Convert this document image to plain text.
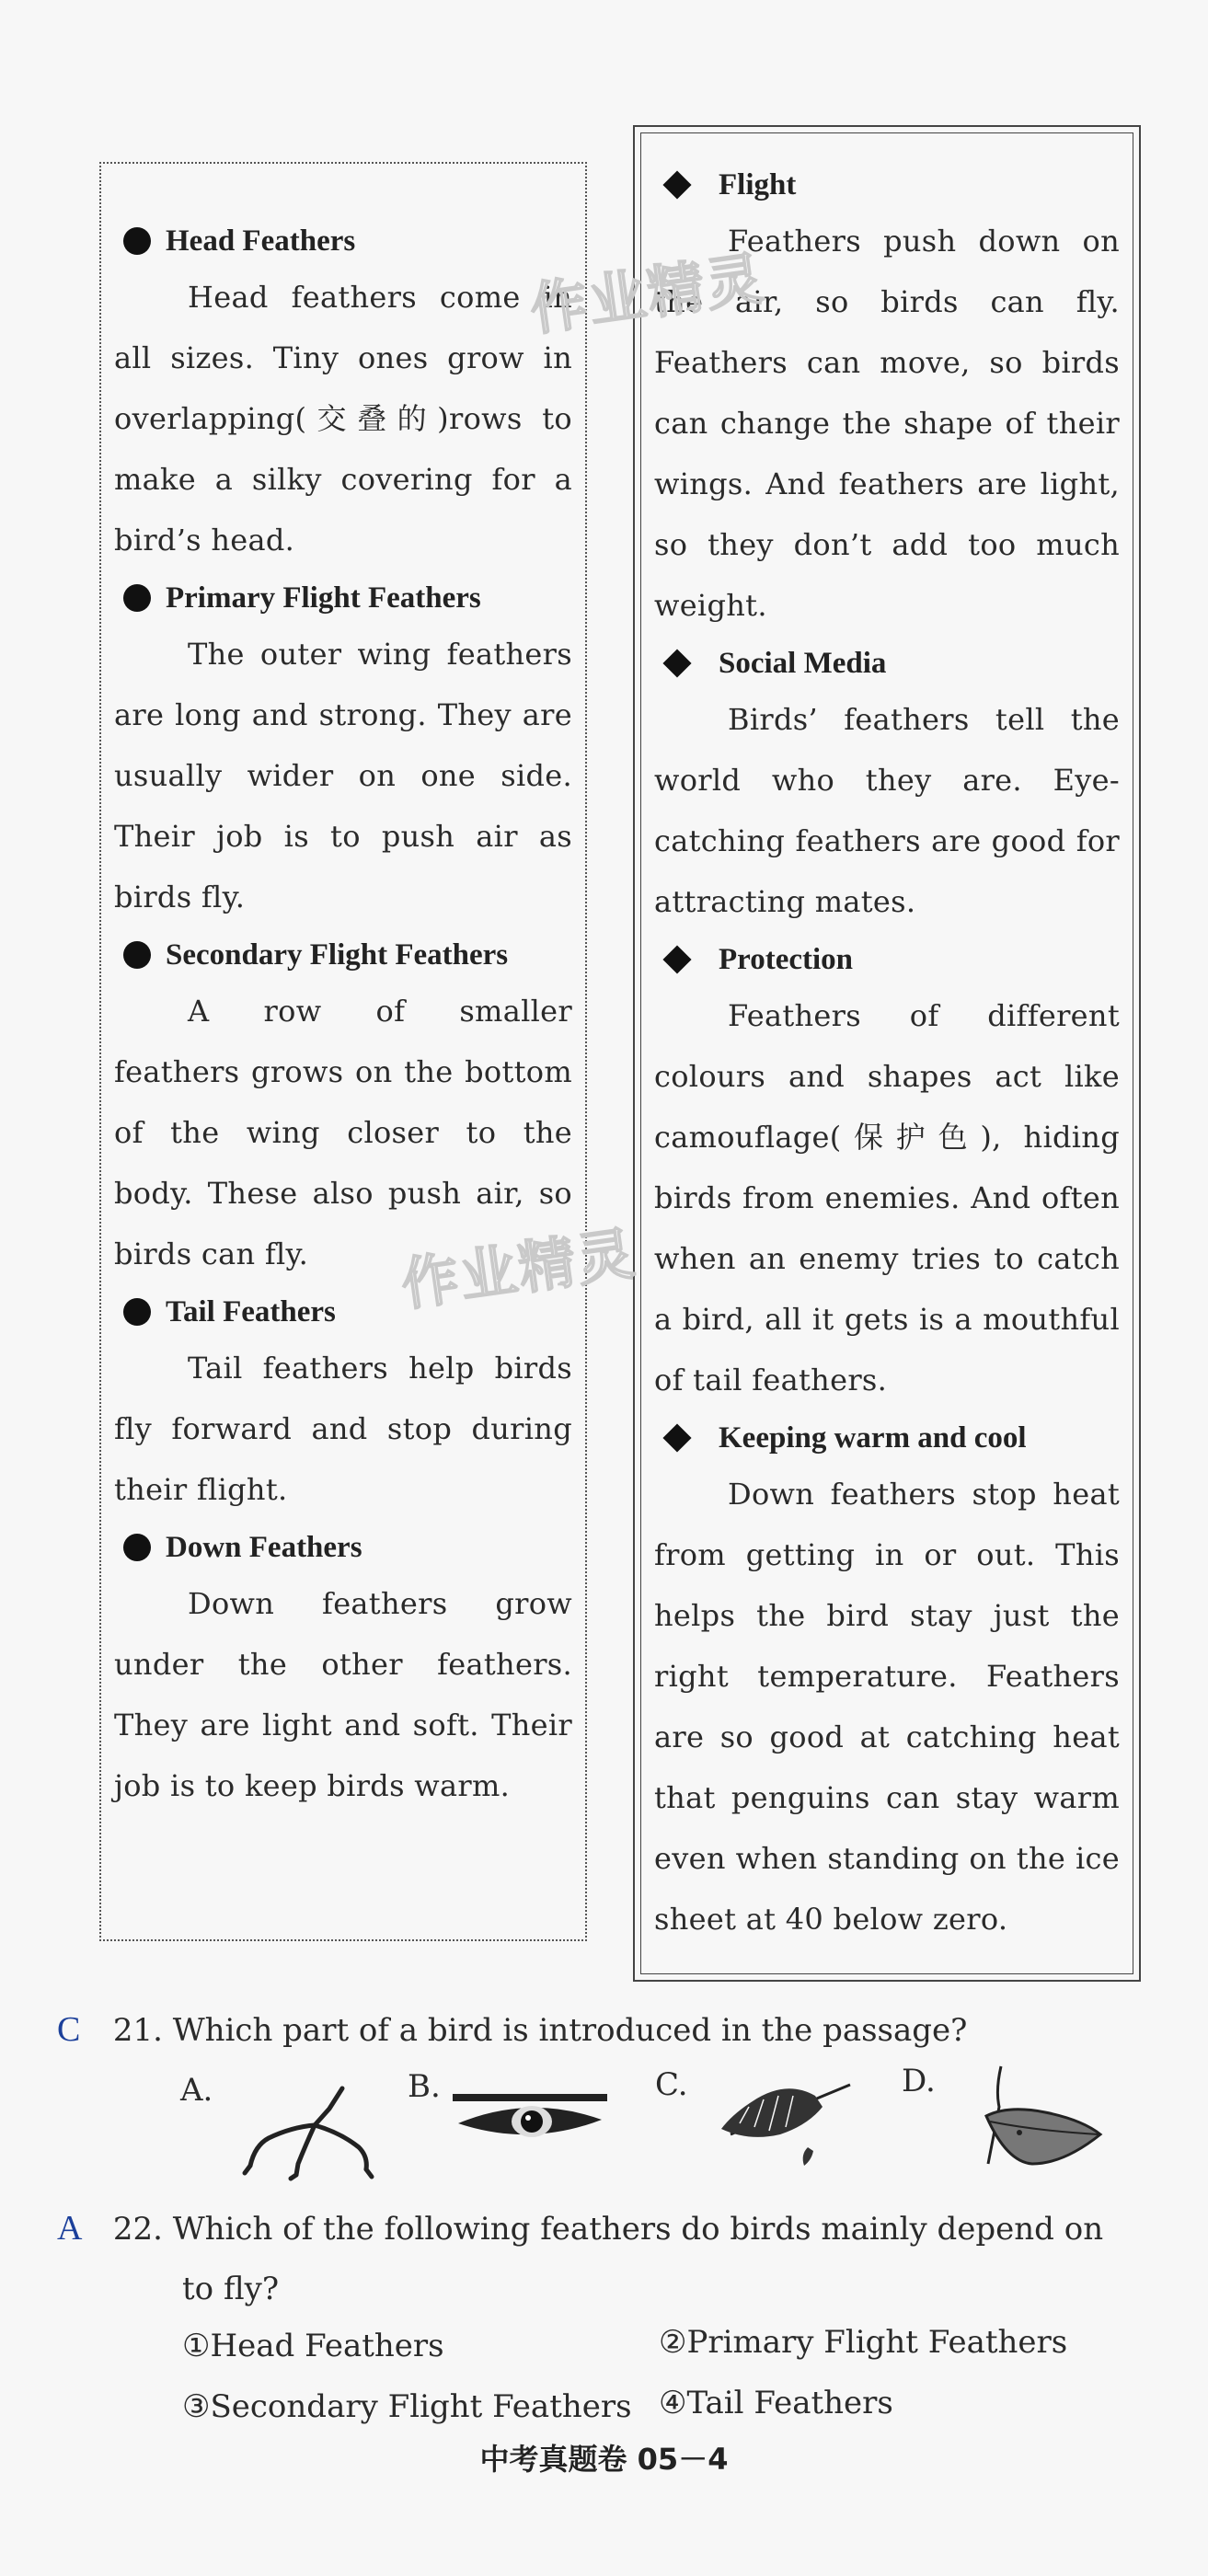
Head Feathers

Head feathers come in all sizes. Tiny ones grow in overlapping(交叠的)rows to make a silky covering for a bird’s head.

Primary Flight Feathers

The outer wing feathers are long and strong. They are usually wider on one side. Their job is to push air as birds fly.

Secondary Flight Feathers

A row of smaller feathers grows on the bottom of the wing closer to the body. These also push air, so birds can fly.

Tail Feathers

Tail feathers help birds fly forward and stop during their flight.

Down Feathers

Down feathers grow under the other feathers. They are light and soft. Their job is to keep birds warm.

Flight

Feathers push down on the air, so birds can fly. Feathers can move, so birds can change the shape of their wings. And feathers are light, so they don’t add too much weight.

Social Media

Birds’ feathers tell the world who they are. Eye-catching feathers are good for attracting mates.

Protection

Feathers of different colours and shapes act like camouflage(保护色), hiding birds from enemies. And often when an enemy tries to catch a bird, all it gets is a mouthful of tail feathers.

Keeping warm and cool

Down feathers stop heat from getting in or out. This helps the bird stay just the right temperature. Feathers are so good at catching heat that penguins can stay warm even when standing on the ice sheet at 40 below zero.

作业精灵
作业精灵
C 21. Which part of a bird is introduced in the passage?
A.	B.	C.	D.
A 22. Which of the following feathers do birds mainly depend on
to fly?
①Head Feathers	②Primary Flight Feathers
③Secondary Flight Feathers ④Tail Feathers
中考真题卷 05－4
